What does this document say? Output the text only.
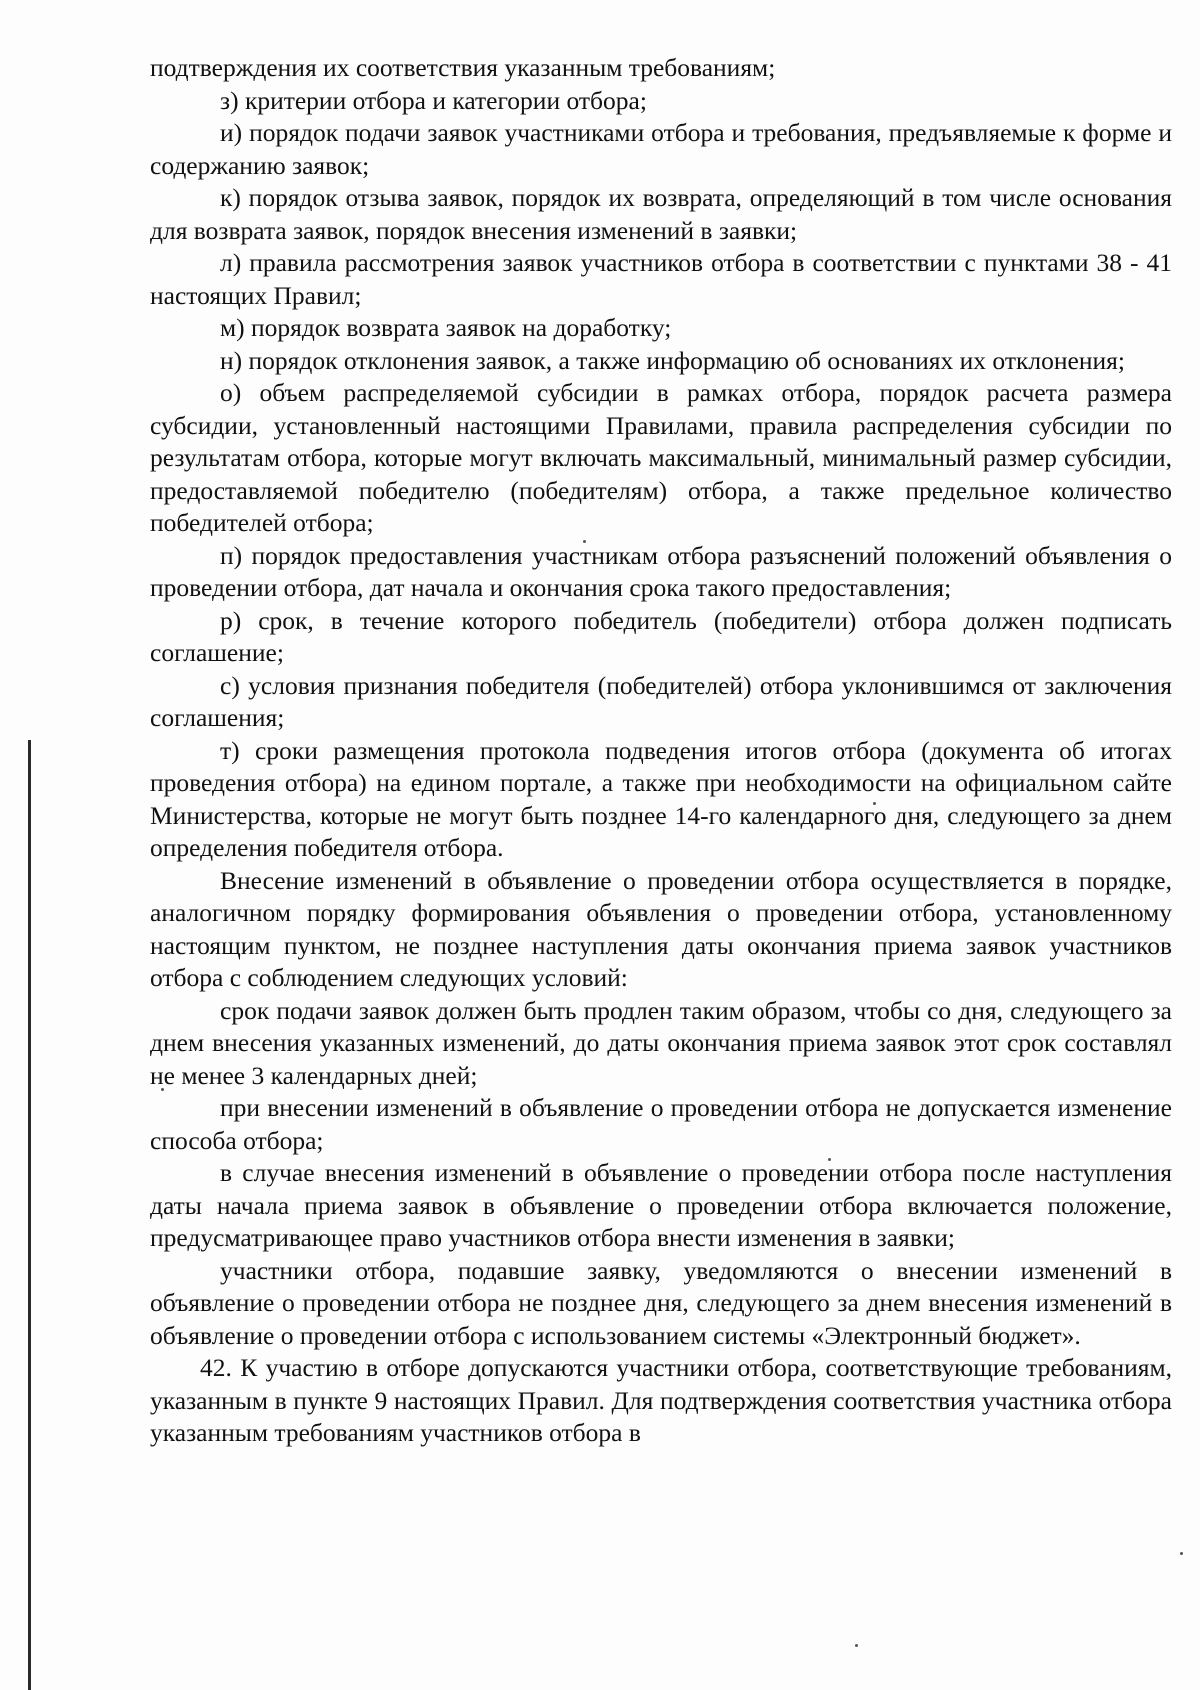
подтверждения их соответствия указанным требованиям;

з) критерии отбора и категории отбора;

и) порядок подачи заявок участниками отбора и требования, предъявляемые к форме и содержанию заявок;

к) порядок отзыва заявок, порядок их возврата, определяющий в том числе основания для возврата заявок, порядок внесения изменений в заявки;

л) правила рассмотрения заявок участников отбора в соответствии с пунктами 38 - 41 настоящих Правил;

м) порядок возврата заявок на доработку;

н) порядок отклонения заявок, а также информацию об основаниях их отклонения;

о) объем распределяемой субсидии в рамках отбора, порядок расчета размера субсидии, установленный настоящими Правилами, правила распределения субсидии по результатам отбора, которые могут включать максимальный, минимальный размер субсидии, предоставляемой победителю (победителям) отбора, а также предельное количество победителей отбора;

п) порядок предоставления участникам отбора разъяснений положений объявления о проведении отбора, дат начала и окончания срока такого предоставления;

р) срок, в течение которого победитель (победители) отбора должен подписать соглашение;

с) условия признания победителя (победителей) отбора уклонившимся от заключения соглашения;

т) сроки размещения протокола подведения итогов отбора (документа об итогах проведения отбора) на едином портале, а также при необходимости на официальном сайте Министерства, которые не могут быть позднее 14-го календарного дня, следующего за днем определения победителя отбора.

Внесение изменений в объявление о проведении отбора осуществляется в порядке, аналогичном порядку формирования объявления о проведении отбора, установленному настоящим пунктом, не позднее наступления даты окончания приема заявок участников отбора с соблюдением следующих условий:

срок подачи заявок должен быть продлен таким образом, чтобы со дня, следующего за днем внесения указанных изменений, до даты окончания приема заявок этот срок составлял не менее 3 календарных дней;

при внесении изменений в объявление о проведении отбора не допускается изменение способа отбора;

в случае внесения изменений в объявление о проведении отбора после наступления даты начала приема заявок в объявление о проведении отбора включается положение, предусматривающее право участников отбора внести изменения в заявки;

участники отбора, подавшие заявку, уведомляются о внесении изменений в объявление о проведении отбора не позднее дня, следующего за днем внесения изменений в объявление о проведении отбора с использованием системы «Электронный бюджет».

42. К участию в отборе допускаются участники отбора, соответствующие требованиям, указанным в пункте 9 настоящих Правил. Для подтверждения соответствия участника отбора указанным требованиям участников отбора в
